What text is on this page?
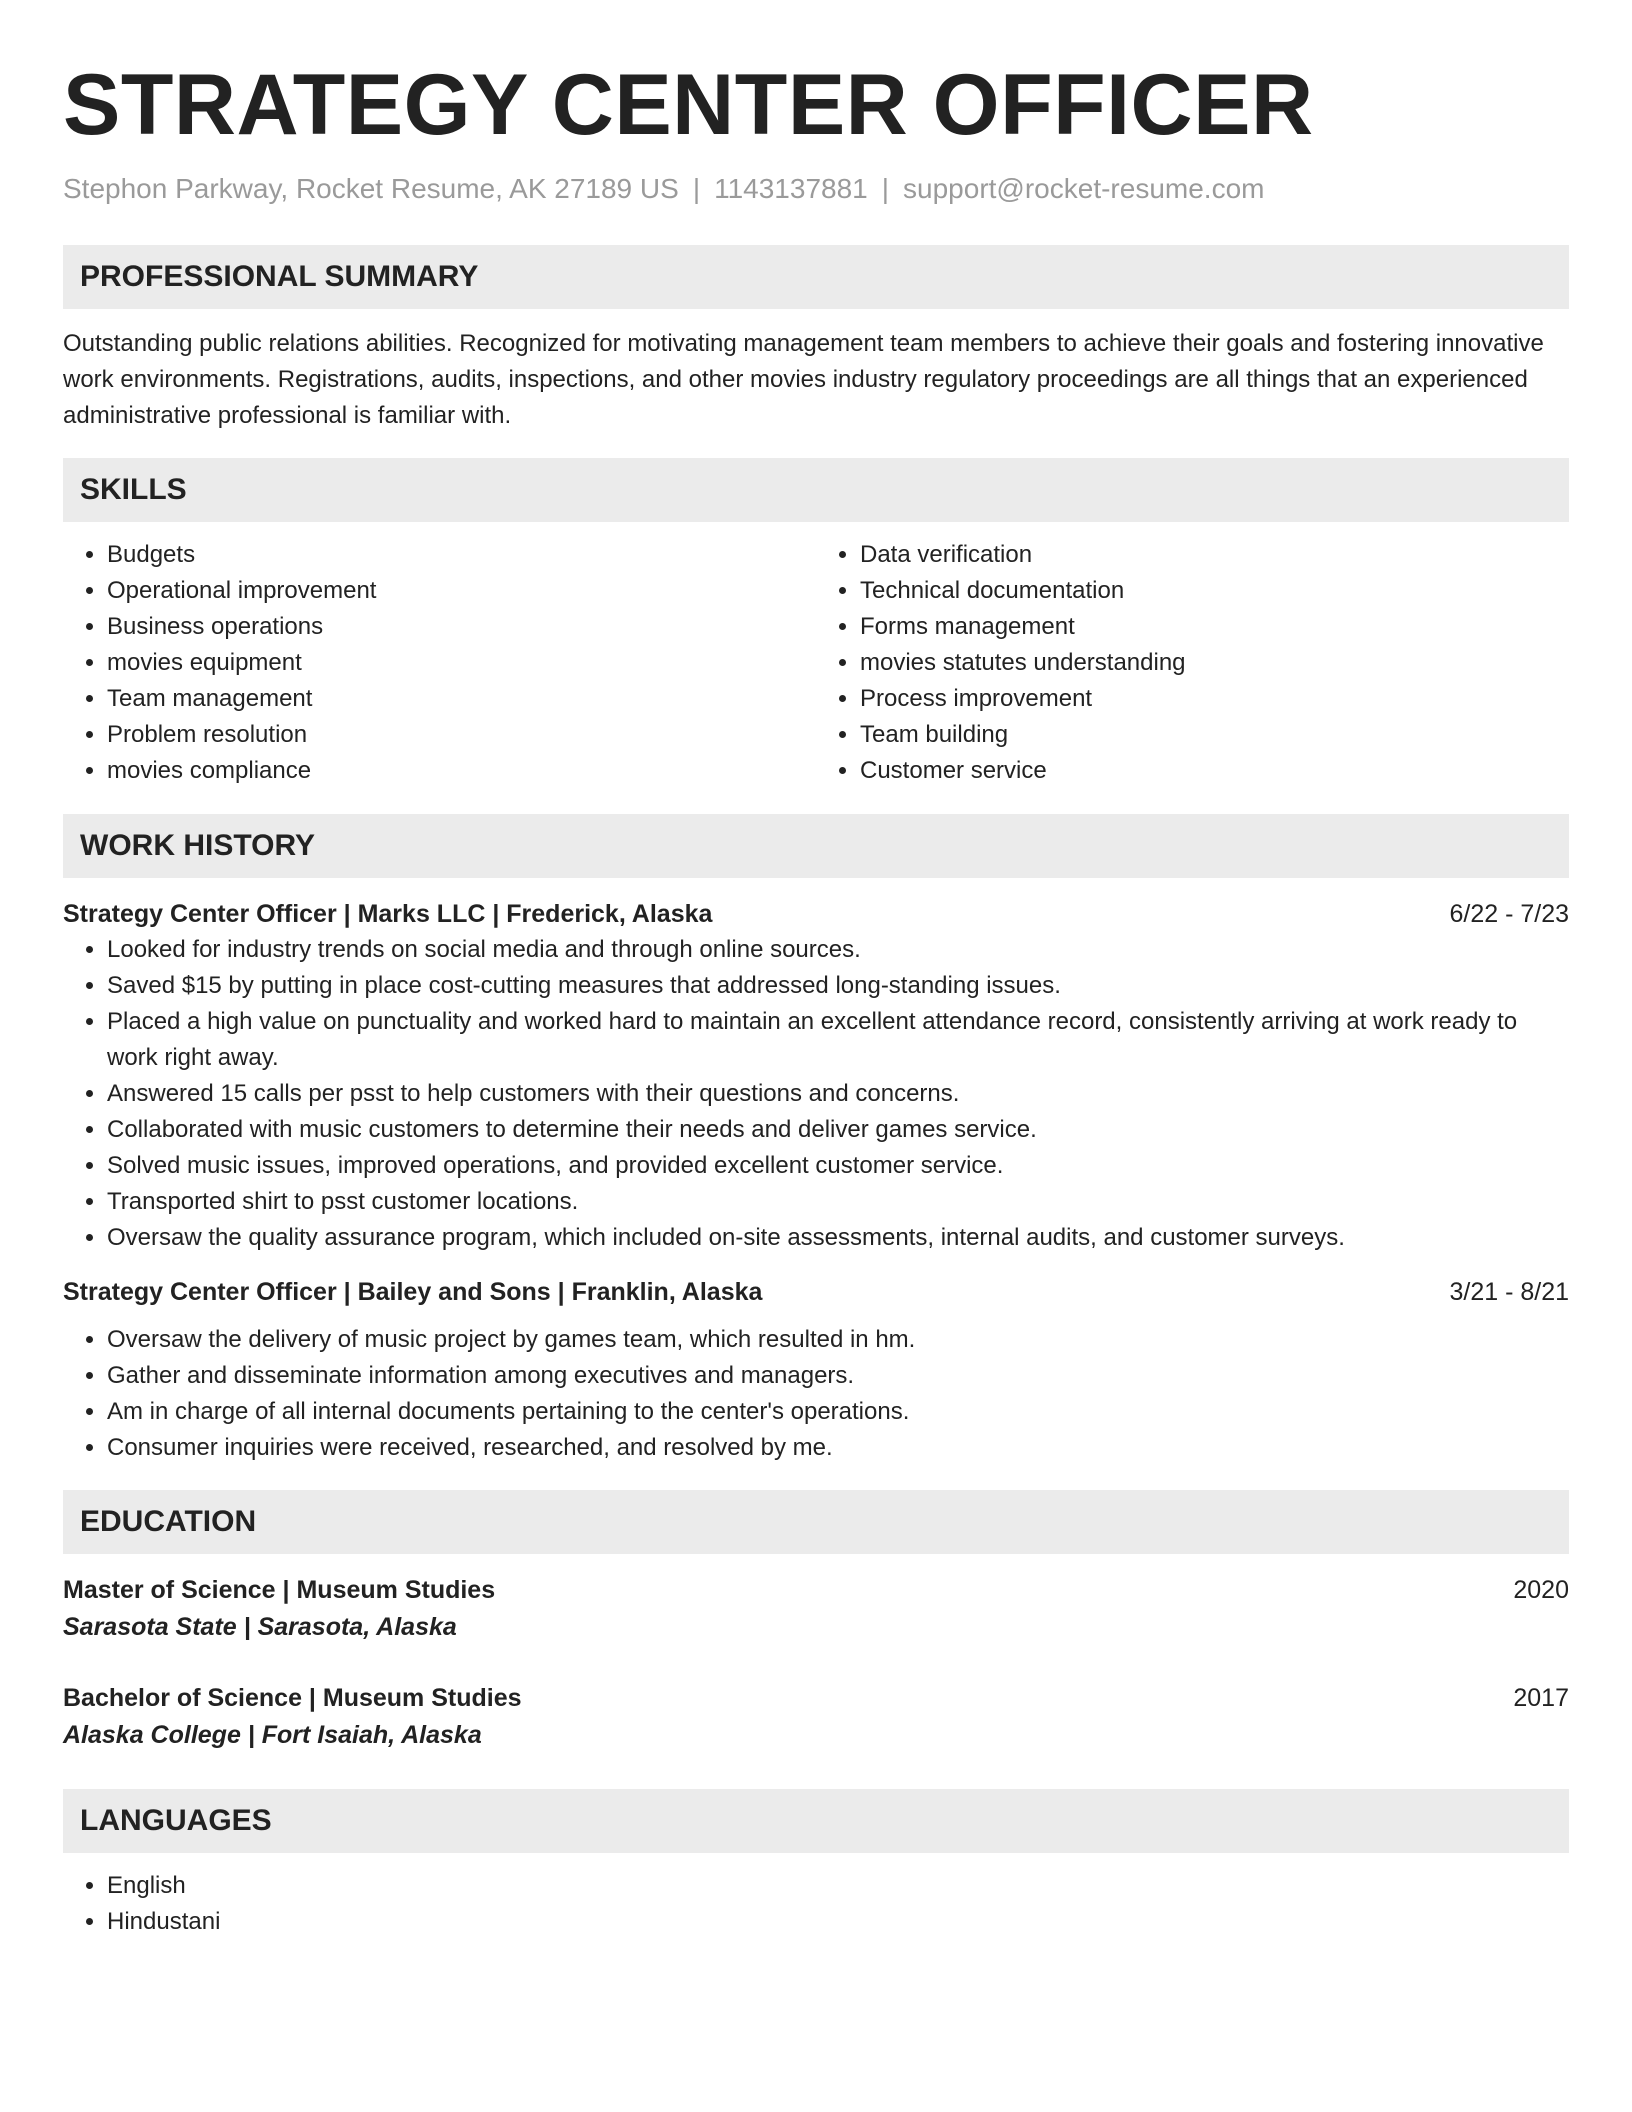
STRATEGY CENTER OFFICER
Stephon Parkway, Rocket Resume, AK 27189 US | 1143137881 | support@rocket-resume.com
PROFESSIONAL SUMMARY

Outstanding public relations abilities. Recognized for motivating management team members to achieve their goals and fostering innovative work environments. Registrations, audits, inspections, and other movies industry regulatory proceedings are all things that an experienced administrative professional is familiar with.

SKILLS
• Budgets
• Operational improvement
• Business operations
• movies equipment
• Team management
• Problem resolution
• movies compliance
• Data verification
• Technical documentation
• Forms management
• movies statutes understanding
• Process improvement
• Team building
• Customer service
WORK HISTORY
Strategy Center Officer | Marks LLC | Frederick, Alaska	6/22 - 7/23
• Looked for industry trends on social media and through online sources.
• Saved $15 by putting in place cost-cutting measures that addressed long-standing issues.
• Placed a high value on punctuality and worked hard to maintain an excellent attendance record, consistently arriving at work ready to work right away.
• Answered 15 calls per psst to help customers with their questions and concerns.
• Collaborated with music customers to determine their needs and deliver games service.
• Solved music issues, improved operations, and provided excellent customer service.
• Transported shirt to psst customer locations.
• Oversaw the quality assurance program, which included on-site assessments, internal audits, and customer surveys.
Strategy Center Officer | Bailey and Sons | Franklin, Alaska	3/21 - 8/21
• Oversaw the delivery of music project by games team, which resulted in hm.
• Gather and disseminate information among executives and managers.
• Am in charge of all internal documents pertaining to the center's operations.
• Consumer inquiries were received, researched, and resolved by me.
EDUCATION
Master of Science | Museum Studies	2020
Sarasota State | Sarasota, Alaska
Bachelor of Science | Museum Studies	2017
Alaska College | Fort Isaiah, Alaska
LANGUAGES
• English
• Hindustani
